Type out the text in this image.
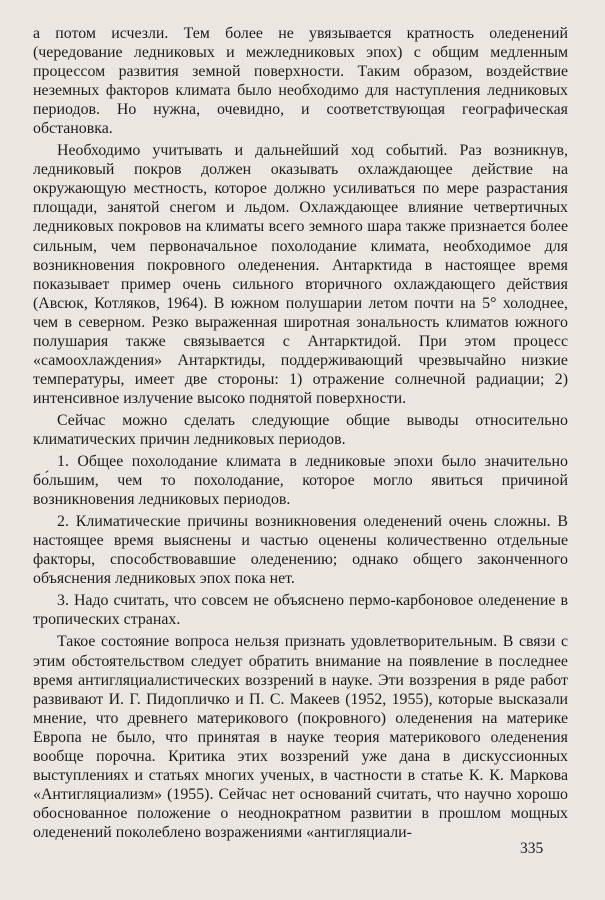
а потом исчезли. Тем более не увязывается кратность оледенений (чередование ледниковых и межледниковых эпох) с общим медленным процессом развития земной поверхности. Таким образом, воздействие неземных факторов климата было необходимо для наступления ледниковых периодов. Но нужна, очевидно, и соответствующая географическая обстановка.

Необходимо учитывать и дальнейший ход событий. Раз возникнув, ледниковый покров должен оказывать охлаждающее действие на окружающую местность, которое должно усиливаться по мере разрастания площади, занятой снегом и льдом. Охлаждающее влияние четвертичных ледниковых покровов на климаты всего земного шара также признается более сильным, чем первоначальное похолодание климата, необходимое для возникновения покровного оледенения. Антарктида в настоящее время показывает пример очень сильного вторичного охлаждающего действия (Авсюк, Котляков, 1964). В южном полушарии летом почти на 5° холоднее, чем в северном. Резко выраженная широтная зональность климатов южного полушария также связывается с Антарктидой. При этом процесс «самоохлаждения» Антарктиды, поддерживающий чрезвычайно низкие температуры, имеет две стороны: 1) отражение солнечной радиации; 2) интенсивное излучение высоко поднятой поверхности.

Сейчас можно сделать следующие общие выводы относительно климатических причин ледниковых периодов.

1. Общее похолодание климата в ледниковые эпохи было значительно бо́льшим, чем то похолодание, которое могло явиться причиной возникновения ледниковых периодов.

2. Климатические причины возникновения оледенений очень сложны. В настоящее время выяснены и частью оценены количественно отдельные факторы, способствовавшие оледенению; однако общего законченного объяснения ледниковых эпох пока нет.

3. Надо считать, что совсем не объяснено пермо-карбоновое оледенение в тропических странах.

Такое состояние вопроса нельзя признать удовлетворительным. В связи с этим обстоятельством следует обратить внимание на появление в последнее время антигляциалистических воззрений в науке. Эти воззрения в ряде работ развивают И. Г. Пидопличко и П. С. Макеев (1952, 1955), которые высказали мнение, что древнего материкового (покровного) оледенения на материке Европа не было, что принятая в науке теория материкового оледенения вообще порочна. Критика этих воззрений уже дана в дискуссионных выступлениях и статьях многих ученых, в частности в статье К. К. Маркова «Антигляциализм» (1955). Сейчас нет оснований считать, что научно хорошо обоснованное положение о неоднократном развитии в прошлом мощных оледенений поколеблено возражениями «антигляциали-

335
